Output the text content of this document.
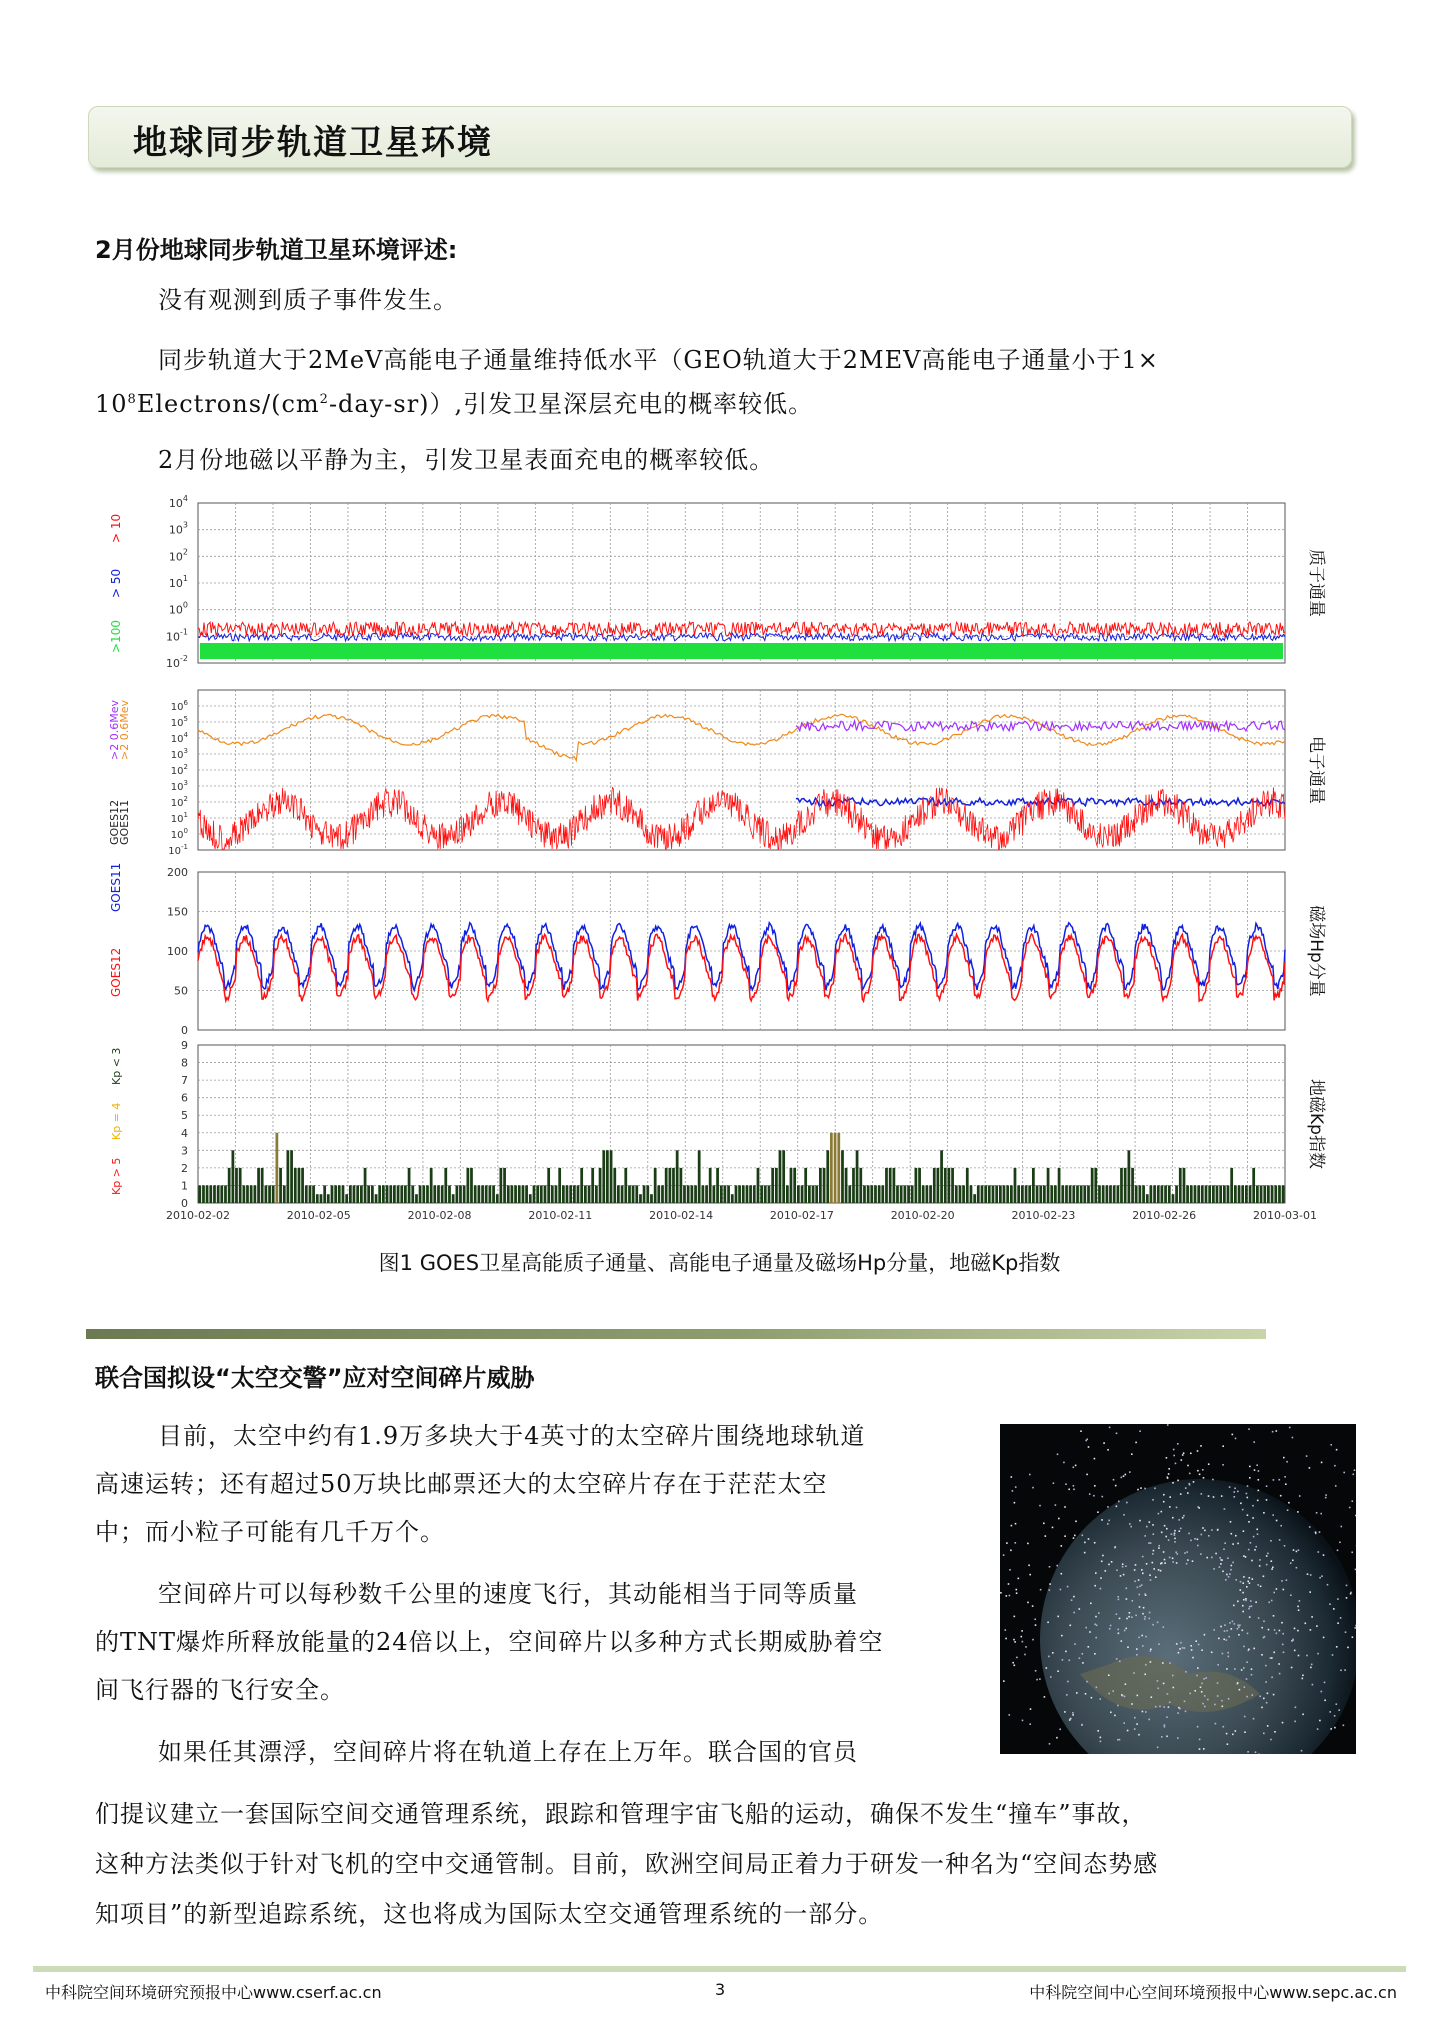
地球同步轨道卫星环境
2月份地球同步轨道卫星环境评述:
没有观测到质子事件发生。
同步轨道大于2MeV高能电子通量维持低水平（GEO轨道大于2MEV高能电子通量小于1×
$10^8Electrons/(cm^2-day-sr)$）,引发卫星深层充电的概率较低。
2月份地磁以平静为主，引发卫星表面充电的概率较低。
质子通量
电子通量
磁场Hp分量
地磁Kp指数
$10^{-2}$
$10^{-1}$
$10^0$
$10^1$
$10^2$
$10^3$
$10^4$
>100
> 50
> 10
$10^2$
$10^3$
$10^4$
$10^5$
$10^6$
$10^{-1}$
$10^0$
$10^1$
$10^2$
$10^3$
>2 0.6Mev
>2 0.6Mev
GOES12
GOES11
0
50
100
150
200
GOES11
GOES12
0
1
2
3
4
5
6
7
8
9
2010-02-02	2010-02-05	2010-02-08	2010-02-11	2010-02-14	2010-02-17	2010-02-20	2010-02-23	2010-02-26	2010-03-01
Kp > 5
Kp = 4
Kp < 3
图1 GOES卫星高能质子通量、高能电子通量及磁场Hp分量，地磁Kp指数
联合国拟设“太空交警”应对空间碎片威胁
目前，太空中约有1.9万多块大于4英寸的太空碎片围绕地球轨道
高速运转；还有超过50万块比邮票还大的太空碎片存在于茫茫太空
中；而小粒子可能有几千万个。
空间碎片可以每秒数千公里的速度飞行，其动能相当于同等质量
的TNT爆炸所释放能量的24倍以上，空间碎片以多种方式长期威胁着空
间飞行器的飞行安全。
如果任其漂浮，空间碎片将在轨道上存在上万年。联合国的官员
们提议建立一套国际空间交通管理系统，跟踪和管理宇宙飞船的运动，确保不发生“撞车”事故，
这种方法类似于针对飞机的空中交通管制。目前，欧洲空间局正着力于研发一种名为“空间态势感
知项目”的新型追踪系统，这也将成为国际太空交通管理系统的一部分。
中科院空间环境研究预报中心www.cserf.ac.cn	3	中科院空间中心空间环境预报中心www.sepc.ac.cn
